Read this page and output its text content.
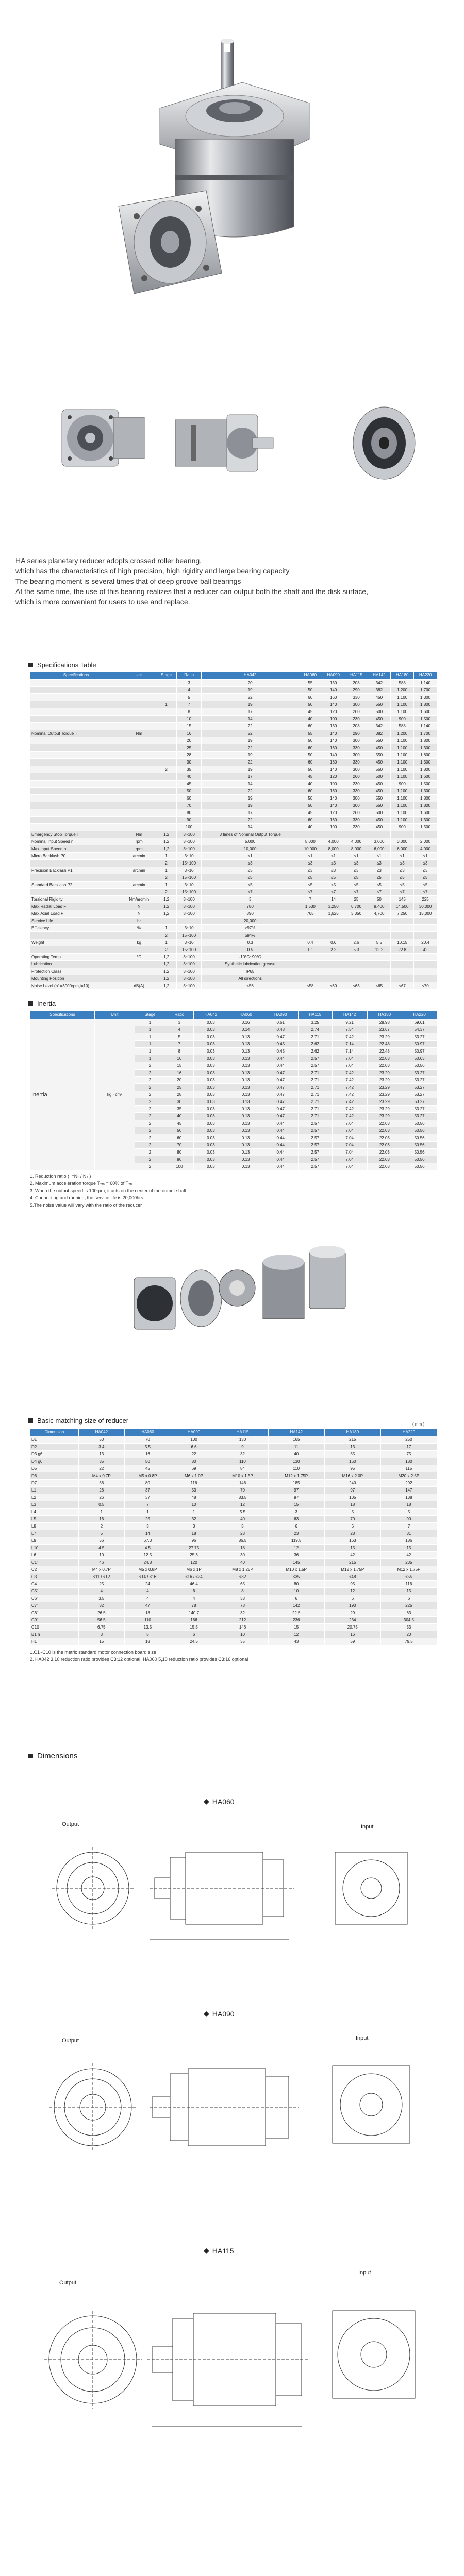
HA series planetary reducer adopts crossed roller bearing,

which has the characteristics of high precision, high rigidity and large bearing capacity

The bearing moment is several times that of deep groove ball bearings

At the same time, the use of this bearing realizes that a reducer can output both the shaft and the disk surface,

which is more convenient for users to use and replace.

Specifications Table
Specifications	Unit	Stage	Ratio	HA042	HA060	HA090	HA115	HA142	HA180	HA220
			3	20	55	130	208	342	588	1,140
			4	19	50	140	290	382	1,200	1,700
			5	22	60	160	330	450	1,100	1,300
		1	7	19	50	140	300	550	1,100	1,800
			8	17	45	120	260	500	1,100	1,600
			10	14	40	100	230	450	900	1,500
			15	22	60	130	208	342	588	1,140
Nominal Output Torque T	Nm		16	22	55	140	290	382	1,200	1,700
			20	19	50	140	300	550	1,100	1,800
			25	22	60	160	330	450	1,100	1,300
			28	19	50	140	300	550	1,100	1,800
			30	22	60	160	330	450	1,100	1,300
		2	35	19	50	140	300	550	1,100	1,800
			40	17	45	120	260	500	1,100	1,600
			45	14	40	100	230	450	900	1,500
			50	22	60	160	330	450	1,100	1,300
			60	19	50	140	300	550	1,100	1,800
			70	19	50	140	300	550	1,100	1,800
			80	17	45	120	260	500	1,100	1,600
			90	22	60	160	330	450	1,100	1,300
			100	14	40	100	230	450	900	1,500
Emergency Stop Torque T	Nm	1,2	3~100	3 times of Nominal Output Torque						
Nominal Input Speed n	rpm	1,2	3~100	5,000	5,000	4,000	4,000	3,000	3,000	2,000
Max.Input Speed n	rpm	1,2	3~100	10,000	10,000	8,000	8,000	6,000	6,000	4,000
Micro Backlash P0	arcmin	1	3~10	≤1	≤1	≤1	≤1	≤1	≤1	≤1
		2	15~100	≤3	≤3	≤3	≤3	≤3	≤3	≤3
Precision Backlash P1	arcmin	1	3~10	≤3	≤3	≤3	≤3	≤3	≤3	≤3
		2	15~100	≤5	≤5	≤5	≤5	≤5	≤5	≤5
Standard Backlash P2	arcmin	1	3~10	≤5	≤5	≤5	≤5	≤5	≤5	≤5
		2	15~100	≤7	≤7	≤7	≤7	≤7	≤7	≤7
Torsional Rigidity	Nm/arcmin	1,2	3~100	3	7	14	25	50	145	225
Max.Radial Load F	N	1,2	3~100	780	1,530	3,250	6,700	9,400	14,500	30,000
Max.Axial Load F	N	1,2	3~100	390	765	1,625	3,350	4,700	7,250	15,000
Service Life	hr			20,000						
Efficiency	%	1	3~10	≥97%						
		2	15~100	≥94%						
Weight	kg	1	3~10	0.3	0.4	0.6	2.6	5.5	10.15	20.4
		2	15~100	0.5	1.1	2.2	5.3	12.2	22.8	42
Operating Temp	°C	1,2	3~100	-10°C~90°C						
Lubrication		1,2	3~100	Synthetic lubrication grease						
Protection Class		1,2	3~100	IP65						
Mounting Position		1,2	3~100	All directions						
Noise Level (n1=3000rpm,i=10)	dB(A)	1,2	3~100	≤56	≤58	≤60	≤63	≤65	≤67	≤70
Inertia
Specifications	Unit	Stage	Ratio	HA042	HA060	HA090	HA115	HA142	HA180	HA220
Inertia	kg · cm²	1	3	0.03	0.16	0.61	3.25	9.21	28.98	69.61
		1	4	0.03	0.14	0.48	2.74	7.54	23.67	54.37
		1	5	0.03	0.13	0.47	2.71	7.42	23.29	53.27
		1	7	0.03	0.13	0.45	2.62	7.14	22.48	50.97
		1	8	0.03	0.13	0.45	2.62	7.14	22.48	50.97
		1	10	0.03	0.13	0.44	2.57	7.04	22.03	50.63
		2	15	0.03	0.13	0.44	2.57	7.04	22.03	50.56
		2	16	0.03	0.13	0.47	2.71	7.42	23.29	53.27
		2	20	0.03	0.13	0.47	2.71	7.42	23.29	53.27
		2	25	0.03	0.13	0.47	2.71	7.42	23.29	53.27
		2	28	0.03	0.13	0.47	2.71	7.42	23.29	53.27
		2	30	0.03	0.13	0.47	2.71	7.42	23.29	53.27
		2	35	0.03	0.13	0.47	2.71	7.42	23.29	53.27
		2	40	0.03	0.13	0.47	2.71	7.42	23.29	53.27
		2	45	0.03	0.13	0.44	2.57	7.04	22.03	50.56
		2	50	0.03	0.13	0.44	2.57	7.04	22.03	50.56
		2	60	0.03	0.13	0.44	2.57	7.04	22.03	50.56
		2	70	0.03	0.13	0.44	2.57	7.04	22.03	50.56
		2	80	0.03	0.13	0.44	2.57	7.04	22.03	50.56
		2	90	0.03	0.13	0.44	2.57	7.04	22.03	50.56
		2	100	0.03	0.13	0.44	2.57	7.04	22.03	50.56

1. Reduction ratio ( i=N₁ / N₂ )

2. Maximum acceleration torque T₂ₘ = 60% of T₂ₙ

3. When the output speed is 100rpm, it acts on the center of the output shaft

4. Connecting and running, the service life is 20,000hrs

5.The noise value will vary with the ratio of the reducer

Basic matching size of reducer	( mm )
Dimension	HA042	HA060	HA090	HA115	HA142	HA180	HA220
D1	50	70	100	130	165	215	250
D2	3.4	5.5	6.6	9	11	13	17
D3 g6	13	16	22	32	40	55	75
D4 g6	35	50	80	110	130	160	180
D5	22	45	69	84	110	95	115
D6	M4 x 0.7P	M5 x 0.8P	M6 x 1.0P	M10 x 1.5P	M12 x 1.75P	M16 x 2.0P	M20 x 2.5P
D7	56	80	116	146	185	240	292
L1	26	37	53	70	97	97	147
L2	26	37	48	83.5	97	105	138
L3	0.5	7	10	12	15	18	18
L4	1	1	1	5.5	3	5	5
L5	16	25	32	40	63	70	90
L8	2	3	3	5	6	6	7
L7	5	14	18	28	23	28	31
L9	56	67.3	96	86.5	119.5	163	186
L10	4.5	4.5	27.75	18	12	15	15
L6	10	12.5	25.3	30	36	42	42
C1'	46	24.8	120	40	145	215	235
C2	M4 x 0.7P	M5 x 0.8P	M6 x 1P	M8 x 1.25P	M10 x 1.5P	M12 x 1.75P	M12 x 1.75P
C3	≤11 / ≤12	≤14 / ≤16	≤16 / ≤24	≤32	≤35	≤48	≤55
C4	25	24	46.4	65	80	95	116
C5'	4	4	6	8	10	12	15
C6'	3.5	4	4	33	6	6	6
C7'	32	47	78	78	142	190	225
C8'	26.5	18	140.7	32	22.5	29	63
C9'	56.5	110	166	212	236	234	304.5
C10	6.75	13.5	15.5	146	15	20.75	53
B1 h	3	5	6	10	12	16	20
H1	15	18	24.5	35	43	59	79.5

1.C1~C10 is the metric standard motor connection board size

2. HA042 3,10 reduction ratio provides C3:12 optional, HA060 5,10 reduction ratio provides C3:16 optional

Dimensions
◆ HA060
Output	Input
◆ HA090
Output	Input
◆ HA115
Output
Input
